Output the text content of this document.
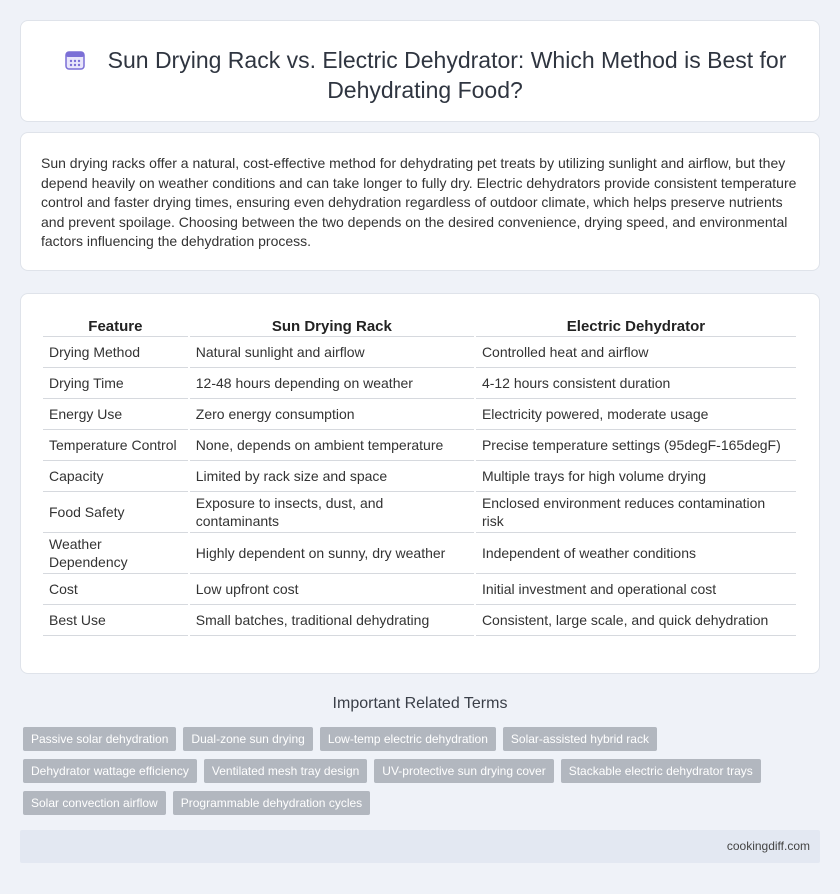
Sun Drying Rack vs. Electric Dehydrator: Which Method is Best for Dehydrating Food?

Sun drying racks offer a natural, cost-effective method for dehydrating pet treats by utilizing sunlight and airflow, but they depend heavily on weather conditions and can take longer to fully dry. Electric dehydrators provide consistent temperature control and faster drying times, ensuring even dehydration regardless of outdoor climate, which helps preserve nutrients and prevent spoilage. Choosing between the two depends on the desired convenience, drying speed, and environmental factors influencing the dehydration process.

Feature	Sun Drying Rack	Electric Dehydrator
Drying Method	Natural sunlight and airflow	Controlled heat and airflow
Drying Time	12-48 hours depending on weather	4-12 hours consistent duration
Energy Use	Zero energy consumption	Electricity powered, moderate usage
Temperature Control	None, depends on ambient temperature	Precise temperature settings (95degF-165degF)
Capacity	Limited by rack size and space	Multiple trays for high volume drying
Food Safety	Exposure to insects, dust, and contaminants	Enclosed environment reduces contamination risk
Weather Dependency	Highly dependent on sunny, dry weather	Independent of weather conditions
Cost	Low upfront cost	Initial investment and operational cost
Best Use	Small batches, traditional dehydrating	Consistent, large scale, and quick dehydration
Important Related Terms
Passive solar dehydration	Dual-zone sun drying	Low-temp electric dehydration	Solar-assisted hybrid rack
Dehydrator wattage efficiency	Ventilated mesh tray design	UV-protective sun drying cover	Stackable electric dehydrator trays
Solar convection airflow	Programmable dehydration cycles
cookingdiff.com
